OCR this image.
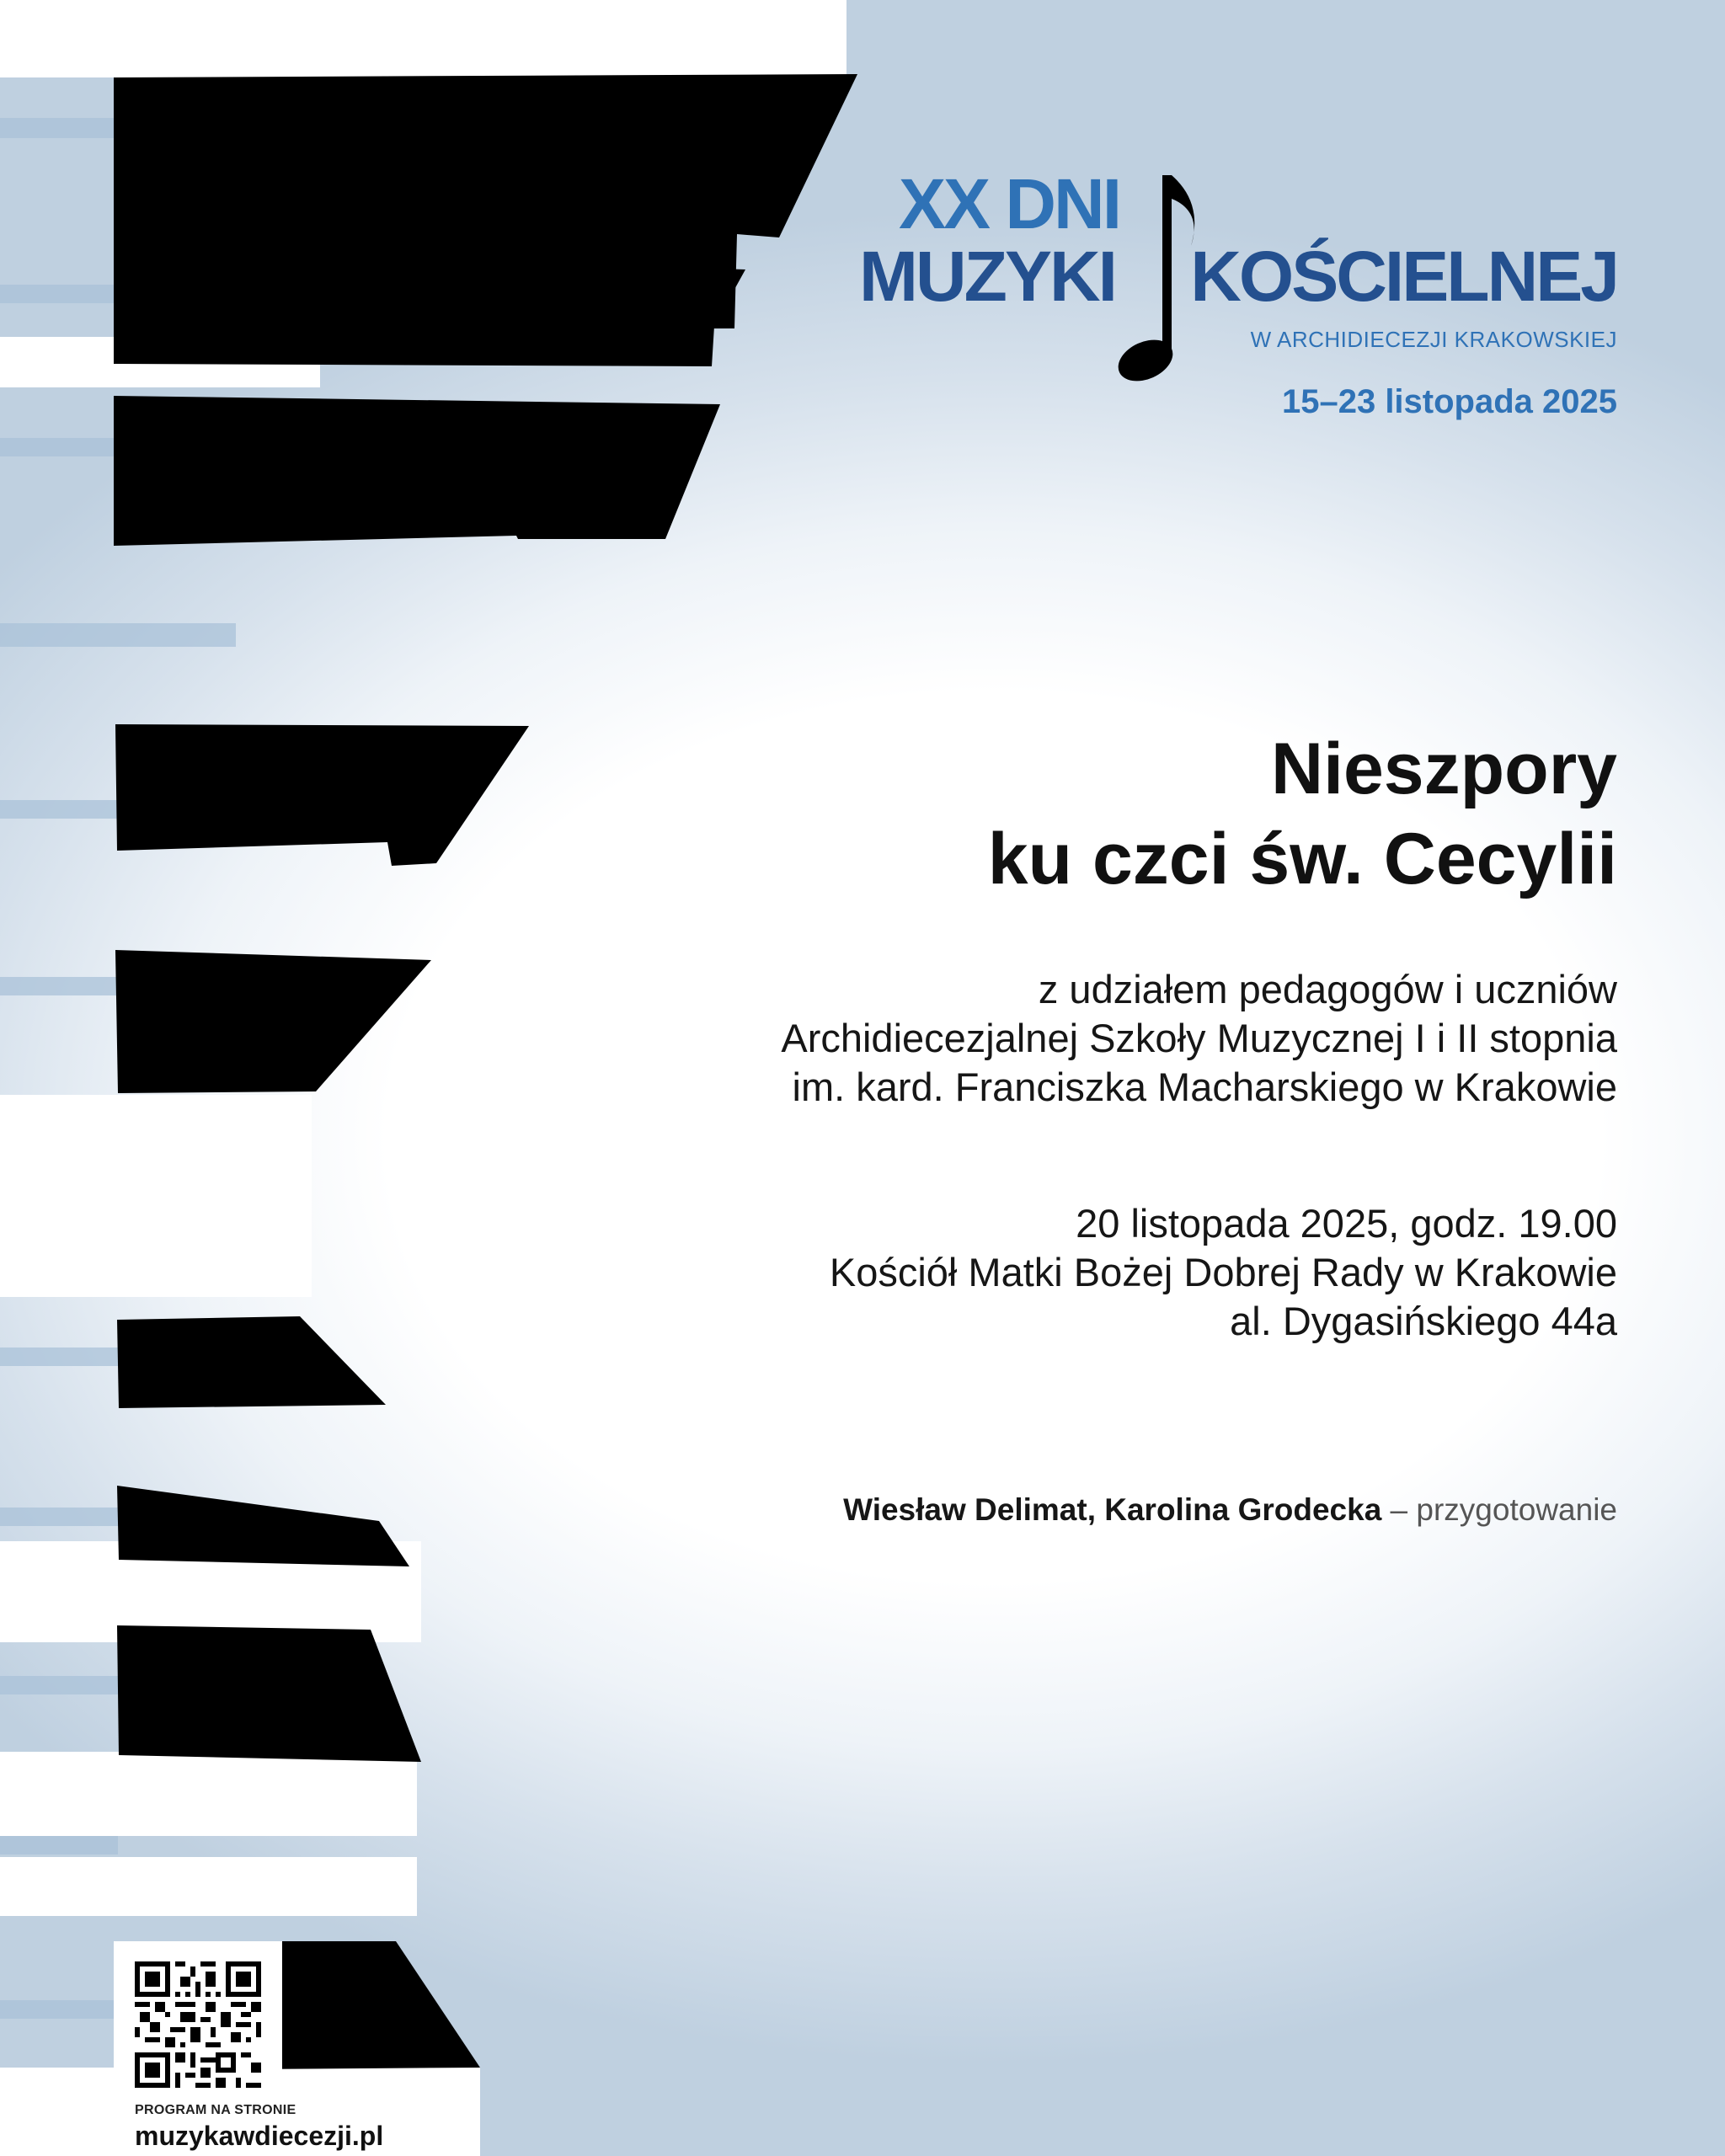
XX DNI

MUZYKI KOŚCIELNEJ

W ARCHIDIECEZJI KRAKOWSKIEJ
15–23 listopada 2025
Nieszpory
ku czci św. Cecylii
z udziałem pedagogów i uczniów
Archidiecezjalnej Szkoły Muzycznej I i II stopnia
im. kard. Franciszka Macharskiego w Krakowie
20 listopada 2025, godz. 19.00
Kościół Matki Bożej Dobrej Rady w Krakowie
al. Dygasińskiego 44a
Wiesław Delimat, Karolina Grodecka – przygotowanie
PROGRAM NA STRONIE
muzykawdiecezji.pl
